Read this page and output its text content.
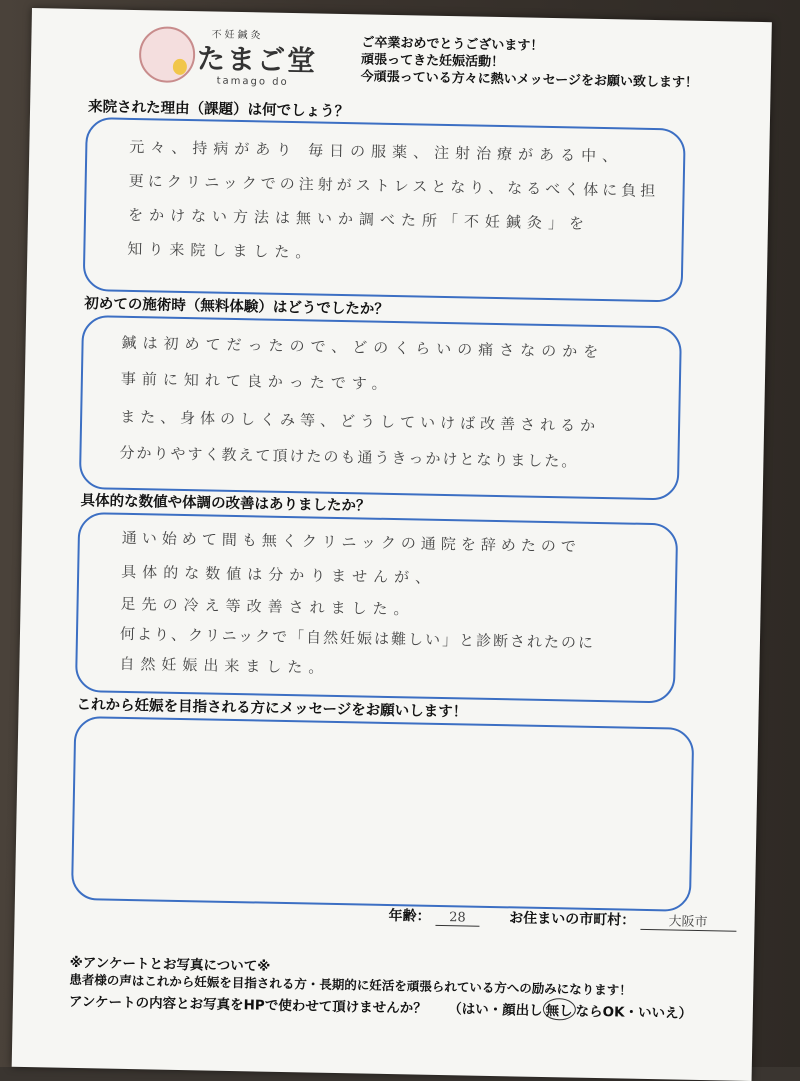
不妊鍼灸
たまご堂
tamago do
ご卒業おめでとうございます！
頑張ってきた妊娠活動！
今頑張っている方々に熱いメッセージをお願い致します！
来院された理由（課題）は何でしょう？
元々、持病があり 毎日の服薬、注射治療がある中、
更にクリニックでの注射がストレスとなり、なるべく体に負担
をかけない方法は無いか調べた所「不妊鍼灸」を
知り来院しました。
初めての施術時（無料体験）はどうでしたか？
鍼は初めてだったので、どのくらいの痛さなのかを
事前に知れて良かったです。
また、身体のしくみ等、どうしていけば改善されるか
分かりやすく教えて頂けたのも通うきっかけとなりました。
具体的な数値や体調の改善はありましたか？
通い始めて間も無くクリニックの通院を辞めたので
具体的な数値は分かりませんが、
足先の冷え等改善されました。
何より、クリニックで「自然妊娠は難しい」と診断されたのに
自然妊娠出来ました。
これから妊娠を目指される方にメッセージをお願いします！
年齢： 28	お住まいの市町村：	大阪市
※アンケートとお写真について※
患者様の声はこれから妊娠を目指される方・長期的に妊活を頑張られている方への励みになります！
アンケートの内容とお写真をHPで使わせて頂けませんか？ （はい・顔出し 無し ならOK・いいえ）
